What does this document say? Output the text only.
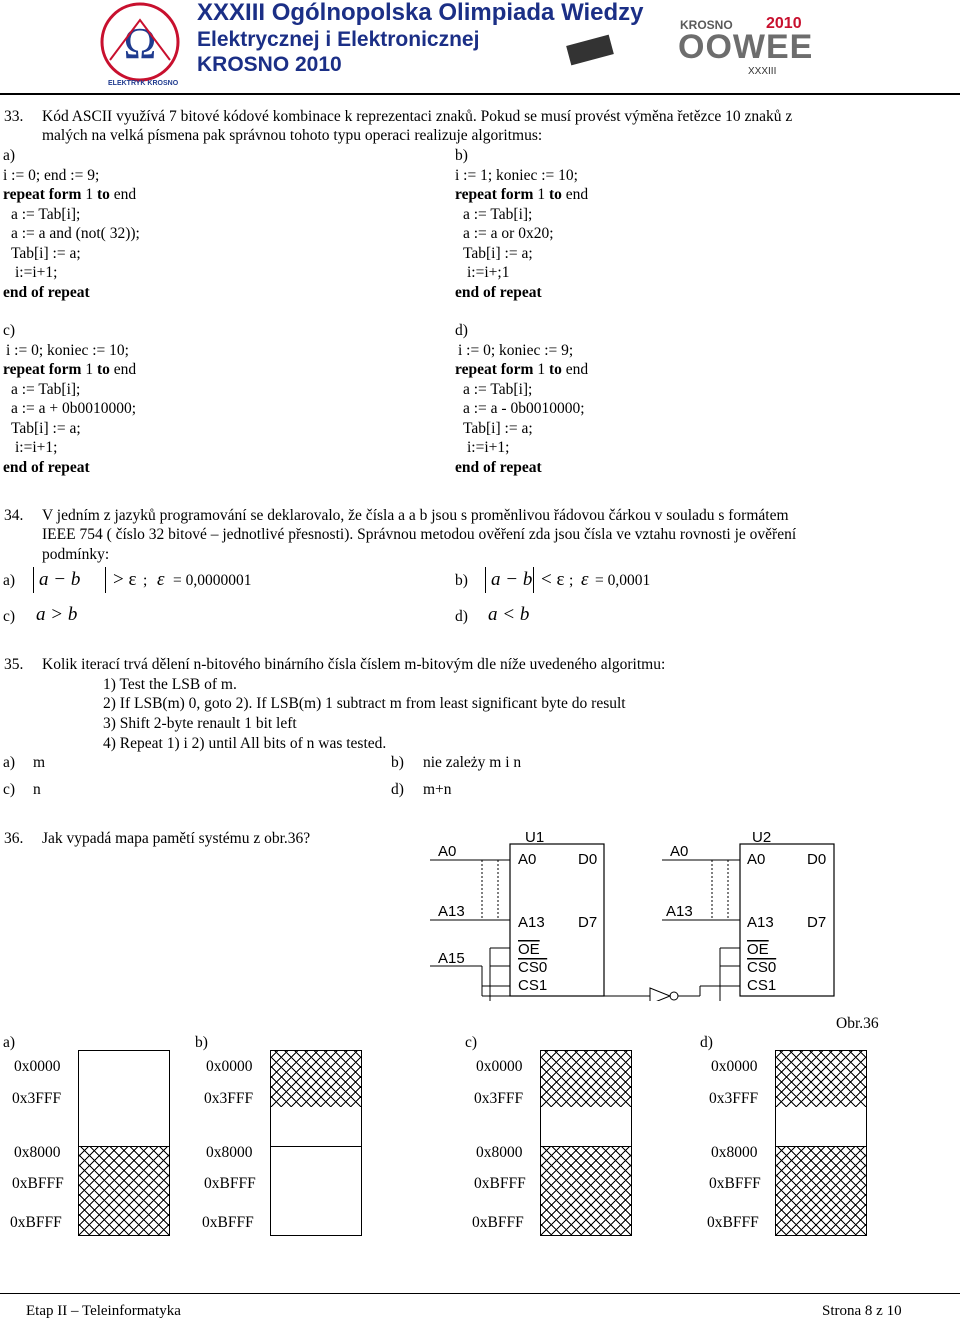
Ω
ELEKTRYK KROSNO
XXXIII Ogólnopolska Olimpiada Wiedzy
Elektrycznej i Elektronicznej
KROSNO 2010
KROSNO 2010
OOWEE
XXXIII
33. Kód ASCII využívá 7 bitové kódové kombinace k reprezentaci znaků. Pokud se musí provést výměna řetězce 10 znaků z
malých na velká písmena pak správnou tohoto typu operaci realizuje algoritmus:
a)
i := 0; end := 9;
repeat form 1 to end
a := Tab[i];
a := a and (not( 32));
Tab[i] := a;
i:=i+1;
end of repeat
b)
i := 1; koniec := 10;
repeat form 1 to end
a := Tab[i];
a := a or 0x20;
Tab[i] := a;
i:=i+;1
end of repeat
c)
i := 0; koniec := 10;
repeat form 1 to end
a := Tab[i];
a := a + 0b0010000;
Tab[i] := a;
i:=i+1;
end of repeat
d)
i := 0; koniec := 9;
repeat form 1 to end
a := Tab[i];
a := a - 0b0010000;
Tab[i] := a;
i:=i+1;
end of repeat
34. V jedním z jazyků programování se deklarovalo, že čísla a a b jsou s proměnlivou řádovou čárkou v souladu s formátem
IEEE 754 ( číslo 32 bitové – jednotlivé přesnosti). Správnou metodou ověření zda jsou čísla ve vztahu rovnosti je ověření
podmínky:
a) a − b > ε ; ε = 0,0000001	b) a − b < ε ; ε = 0,0001
c) a > b	d) a < b
35. Kolik iterací trvá dělení n-bitového binárního čísla číslem m-bitovým dle níže uvedeného algoritmu:
1) Test the LSB of m.
2) If LSB(m) 0, goto 2). If LSB(m) 1 subtract m from least significant byte do result
3) Shift 2-byte renault 1 bit left
4) Repeat 1) i 2) until All bits of n was tested.
a) m	b) nie zależy m i n
c) n	d) m+n
36. Jak vypadá mapa pamětí systému z obr.36?	U1
A0	D0
A13 D7
OE
CS0
CS1
U2
A0	D0
A13 D7
OE
CS0
CS1
A0
A13
A15
A0
A13
Obr.36
a)
0x0000
0x3FFF
0x8000
0xBFFF
0xBFFF
b)
0x0000
0x3FFF
0x8000
0xBFFF
0xBFFF
c)
0x0000
0x3FFF
0x8000
0xBFFF
0xBFFF
d)
0x0000
0x3FFF
0x8000
0xBFFF
0xBFFF
Etap II – Teleinformatyka	Strona 8 z 10
